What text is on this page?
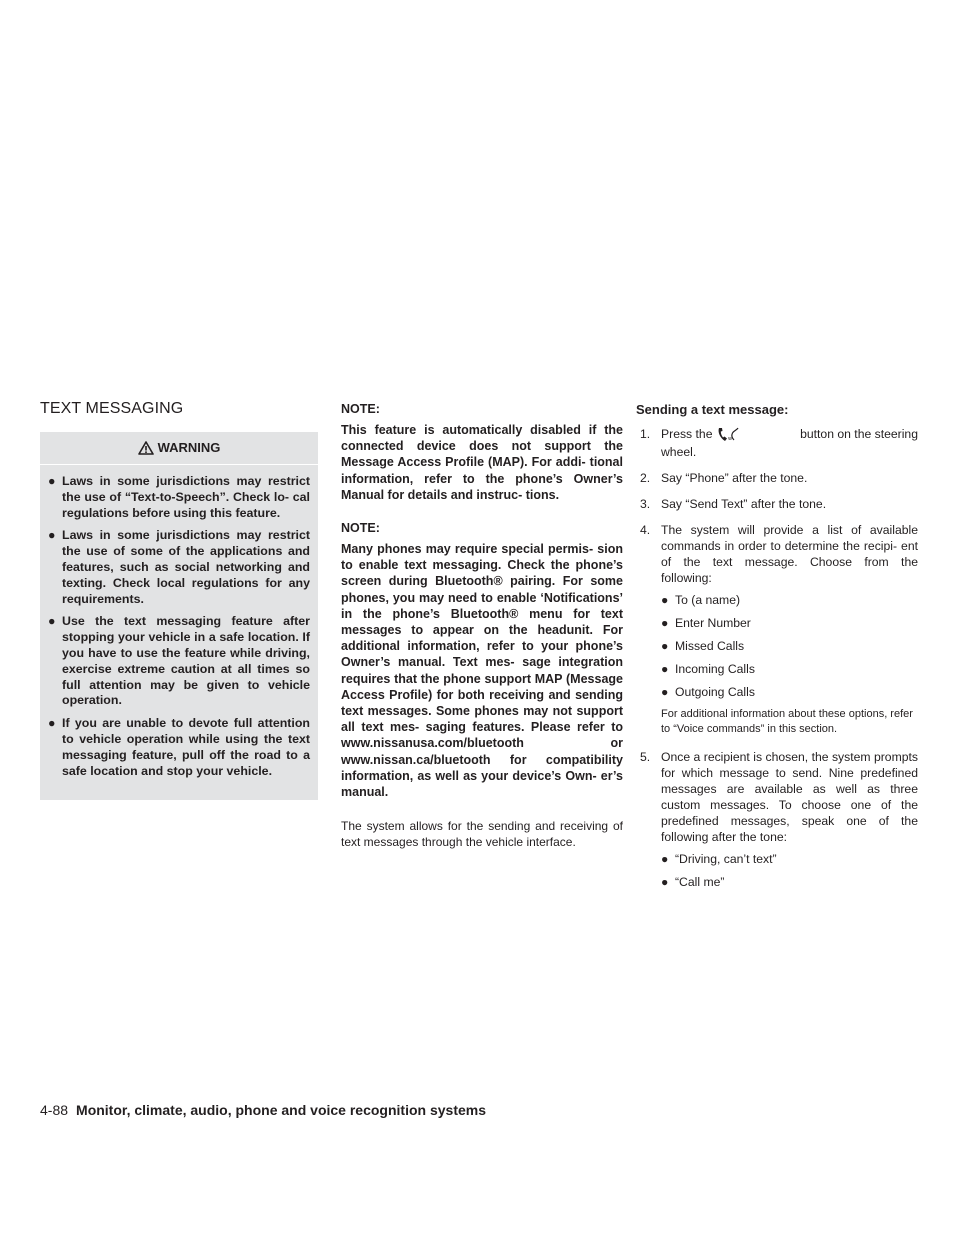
TEXT MESSAGING
WARNING
● Laws in some jurisdictions may restrict the use of “Text-to-Speech”. Check lo- cal regulations before using this feature.
● Laws in some jurisdictions may restrict the use of some of the applications and features, such as social networking and texting. Check local regulations for any requirements.
● Use the text messaging feature after stopping your vehicle in a safe location. If you have to use the feature while driving, exercise extreme caution at all times so full attention may be given to vehicle operation.
● If you are unable to devote full attention to vehicle operation while using the text messaging feature, pull off the road to a safe location and stop your vehicle.

NOTE:

This feature is automatically disabled if the connected device does not support the Message Access Profile (MAP). For addi- tional information, refer to the phone’s Owner’s Manual for details and instruc- tions.

NOTE:

Many phones may require special permis- sion to enable text messaging. Check the phone’s screen during Bluetooth® pairing. For some phones, you may need to enable ‘Notifications’ in the phone’s Bluetooth® menu for text messages to appear on the headunit. For additional information, refer to your phone’s Owner’s manual. Text mes- sage integration requires that the phone support MAP (Message Access Profile) for both receiving and sending text messages. Some phones may not support all text mes- saging features. Please refer to www.nissanusa.com/bluetooth or www.nissan.ca/bluetooth for compatibility information, as well as your device’s Own- er’s manual.

The system allows for the sending and receiving of text messages through the vehicle interface.

Sending a text message:

1. Press the	w	button on the steering
wheel.
2. Say “Phone” after the tone.
3. Say “Send Text” after the tone.
4. The system will provide a list of available commands in order to determine the recipi- ent of the text message. Choose from the following:
● To (a name)
● Enter Number
● Missed Calls
● Incoming Calls
● Outgoing Calls

For additional information about these options, refer to “Voice commands” in this section.

5. Once a recipient is chosen, the system prompts for which message to send. Nine predefined messages are available as well as three custom messages. To choose one of the predefined messages, speak one of the following after the tone:
● “Driving, can’t text”
● “Call me”
4-88 Monitor, climate, audio, phone and voice recognition systems
